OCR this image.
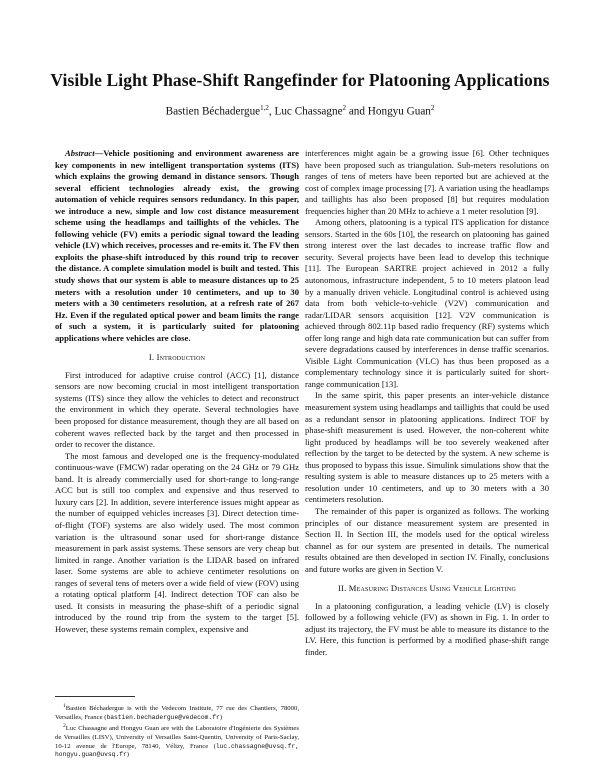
Visible Light Phase-Shift Rangefinder for Platooning Applications
Bastien Béchadergue$^{1,2}$, Luc Chassagne$^2$ and Hongyu Guan$^2$

Abstract—Vehicle positioning and environment awareness are key components in new intelligent transportation systems (ITS) which explains the growing demand in distance sensors. Though several efficient technologies already exist, the growing automation of vehicle requires sensors redundancy. In this paper, we introduce a new, simple and low cost distance measurement scheme using the headlamps and taillights of the vehicles. The following vehicle (FV) emits a periodic signal toward the leading vehicle (LV) which receives, processes and re-emits it. The FV then exploits the phase-shift introduced by this round trip to recover the distance. A complete simulation model is built and tested. This study shows that our system is able to measure distances up to 25 meters with a resolution under 10 centimeters, and up to 30 meters with a 30 centimeters resolution, at a refresh rate of 267 Hz. Even if the regulated optical power and beam limits the range of such a system, it is particularly suited for platooning applications where vehicles are close.

I. Introduction

First introduced for adaptive cruise control (ACC) [1], distance sensors are now becoming crucial in most intelligent transportation systems (ITS) since they allow the vehicles to detect and reconstruct the environment in which they operate. Several technologies have been proposed for distance measurement, though they are all based on coherent waves reflected back by the target and then processed in order to recover the distance.

The most famous and developed one is the frequency-modulated continuous-wave (FMCW) radar operating on the 24 GHz or 79 GHz band. It is already commercially used for short-range to long-range ACC but is still too complex and expensive and thus reserved to luxury cars [2]. In addition, severe interference issues might appear as the number of equipped vehicles increases [3]. Direct detection time-of-flight (TOF) systems are also widely used. The most common variation is the ultrasound sonar used for short-range distance measurement in park assist systems. These sensors are very cheap but limited in range. Another variation is the LIDAR based on infrared laser. Some systems are able to achieve centimeter resolutions on ranges of several tens of meters over a wide field of view (FOV) using a rotating optical platform [4]. Indirect detection TOF can also be used. It consists in measuring the phase-shift of a periodic signal introduced by the round trip from the system to the target [5]. However, these systems remain complex, expensive and

$^1$Bastien Béchadergue is with the Vedecom Institute, 77 rue des Chantiers, 78000, Versailles, France (bastien.bechadergue@vedecom.fr)

$^2$Luc Chassagne and Hongyu Guan are with the Laboratoire d'Ingénierie des Systèmes de Versailles (LISV), University of Versailles Saint-Quentin, University of Paris-Saclay, 10-12 avenue de l'Europe, 78140, Vélizy, France (luc.chassagne@uvsq.fr, hongyu.guan@uvsq.fr)

interferences might again be a growing issue [6]. Other techniques have been proposed such as triangulation. Sub-meters resolutions on ranges of tens of meters have been reported but are achieved at the cost of complex image processing [7]. A variation using the headlamps and taillights has also been proposed [8] but requires modulation frequencies higher than 20 MHz to achieve a 1 meter resolution [9].

Among others, platooning is a typical ITS application for distance sensors. Started in the 60s [10], the research on platooning has gained strong interest over the last decades to increase traffic flow and security. Several projects have been lead to develop this technique [11]. The European SARTRE project achieved in 2012 a fully autonomous, infrastructure independent, 5 to 10 meters platoon lead by a manually driven vehicle. Longitudinal control is achieved using data from both vehicle-to-vehicle (V2V) communication and radar/LIDAR sensors acquisition [12]. V2V communication is achieved through 802.11p based radio frequency (RF) systems which offer long range and high data rate communication but can suffer from severe degradations caused by interferences in dense traffic scenarios. Visible Light Communication (VLC) has thus been proposed as a complementary technology since it is particularly suited for short-range communication [13].

In the same spirit, this paper presents an inter-vehicle distance measurement system using headlamps and taillights that could be used as a redundant sensor in platooning applications. Indirect TOF by phase-shift measurement is used. However, the non-coherent white light produced by headlamps will be too severely weakened after reflection by the target to be detected by the system. A new scheme is thus proposed to bypass this issue. Simulink simulations show that the resulting system is able to measure distances up to 25 meters with a resolution under 10 centimeters, and up to 30 meters with a 30 centimeters resolution.

The remainder of this paper is organized as follows. The working principles of our distance measurement system are presented in Section II. In Section III, the models used for the optical wireless channel as for our system are presented in details. The numerical results obtained are then developed in section IV. Finally, conclusions and future works are given in Section V.

II. Measuring Distances Using Vehicle Lighting

In a platooning configuration, a leading vehicle (LV) is closely followed by a following vehicle (FV) as shown in Fig. 1. In order to adjust its trajectory, the FV must be able to measure its distance to the LV. Here, this function is performed by a modified phase-shift range finder.
